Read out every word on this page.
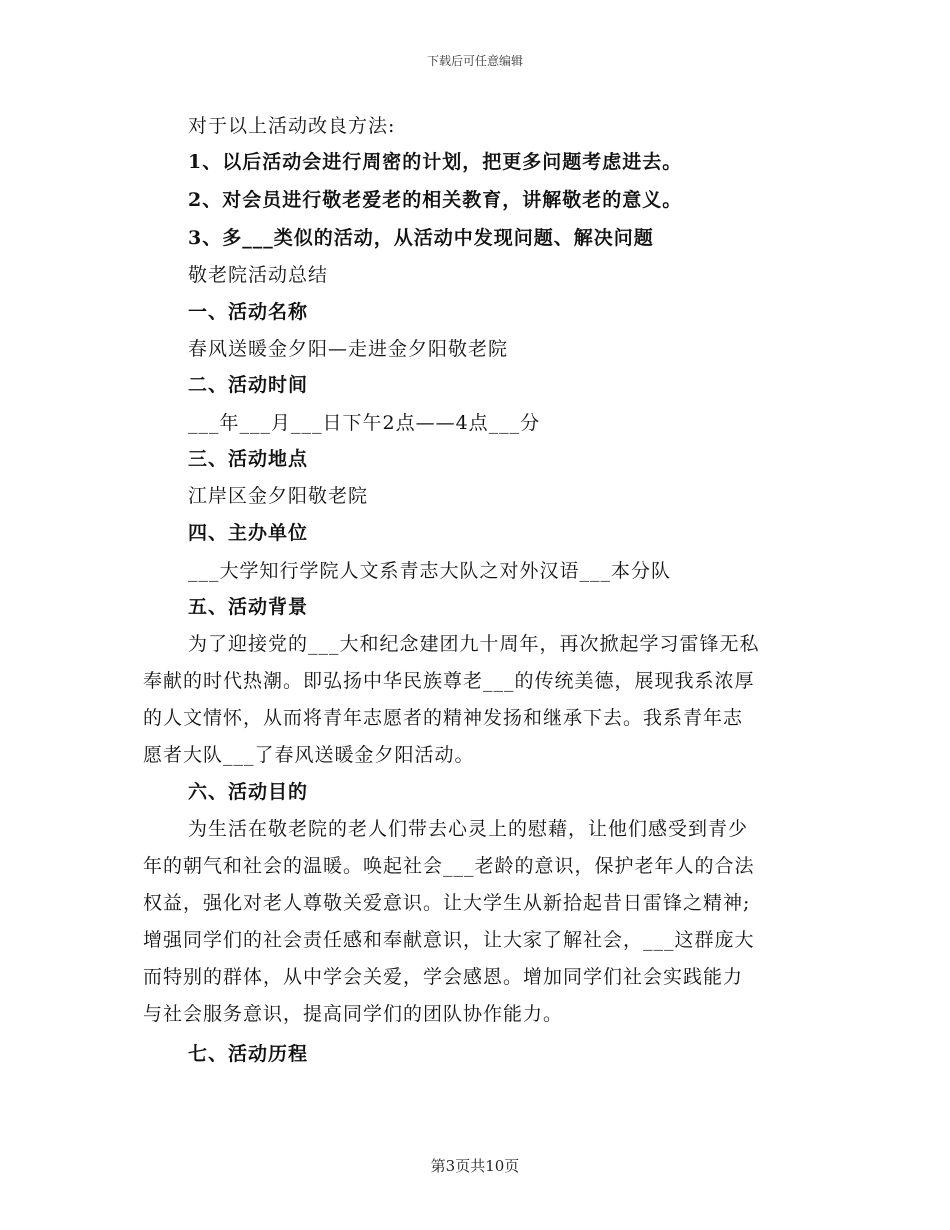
下载后可任意编辑
对于以上活动改良方法:
1、以后活动会进行周密的计划，把更多问题考虑进去。
2、对会员进行敬老爱老的相关教育，讲解敬老的意义。
3、多___类似的活动，从活动中发现问题、解决问题
敬老院活动总结
一、活动名称
春风送暖金夕阳—走进金夕阳敬老院
二、活动时间
___年___月___日下午2点——4点___分
三、活动地点
江岸区金夕阳敬老院
四、主办单位
___大学知行学院人文系青志大队之对外汉语___本分队
五、活动背景
为了迎接党的___大和纪念建团九十周年，再次掀起学习雷锋无私
奉献的时代热潮。即弘扬中华民族尊老___的传统美德，展现我系浓厚
的人文情怀，从而将青年志愿者的精神发扬和继承下去。我系青年志
愿者大队___了春风送暖金夕阳活动。
六、活动目的
为生活在敬老院的老人们带去心灵上的慰藉，让他们感受到青少
年的朝气和社会的温暖。唤起社会___老龄的意识，保护老年人的合法
权益，强化对老人尊敬关爱意识。让大学生从新拾起昔日雷锋之精神;
增强同学们的社会责任感和奉献意识，让大家了解社会，___这群庞大
而特别的群体，从中学会关爱，学会感恩。增加同学们社会实践能力
与社会服务意识，提高同学们的团队协作能力。
七、活动历程
第3页共10页
